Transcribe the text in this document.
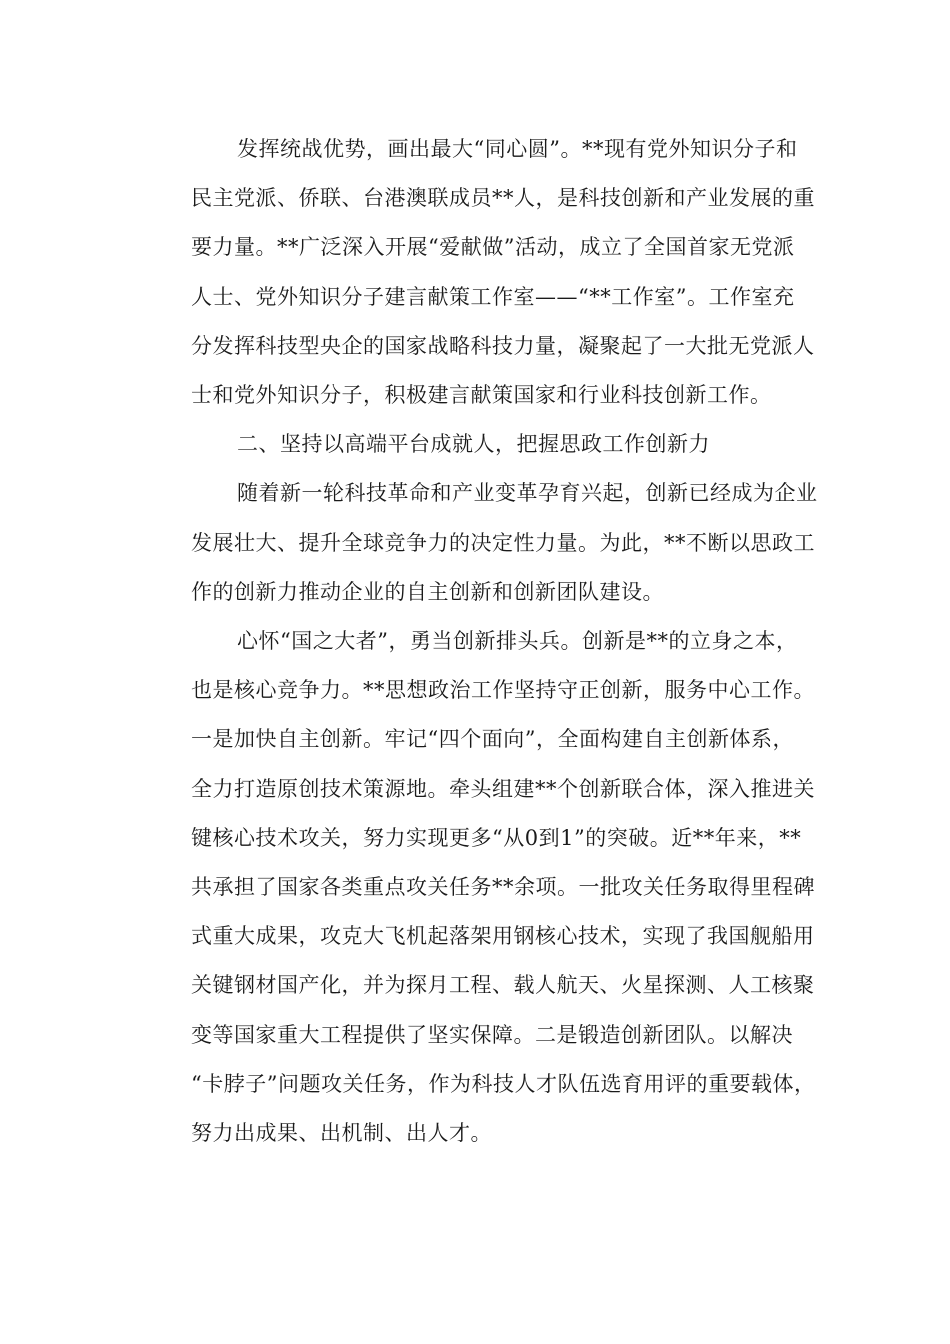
发挥统战优势，画出最大“同心圆”。**现有党外知识分子和
民主党派、侨联、台港澳联成员**人，是科技创新和产业发展的重
要力量。**广泛深入开展“爱献做”活动，成立了全国首家无党派
人士、党外知识分子建言献策工作室——“**工作室”。工作室充
分发挥科技型央企的国家战略科技力量，凝聚起了一大批无党派人
士和党外知识分子，积极建言献策国家和行业科技创新工作。

二、坚持以高端平台成就人，把握思政工作创新力

随着新一轮科技革命和产业变革孕育兴起，创新已经成为企业
发展壮大、提升全球竞争力的决定性力量。为此，**不断以思政工
作的创新力推动企业的自主创新和创新团队建设。

心怀“国之大者”，勇当创新排头兵。创新是**的立身之本，
也是核心竞争力。**思想政治工作坚持守正创新，服务中心工作。
一是加快自主创新。牢记“四个面向”，全面构建自主创新体系，
全力打造原创技术策源地。牵头组建**个创新联合体，深入推进关
键核心技术攻关，努力实现更多“从0到1”的突破。近**年来，**
共承担了国家各类重点攻关任务**余项。一批攻关任务取得里程碑
式重大成果，攻克大飞机起落架用钢核心技术，实现了我国舰船用
关键钢材国产化，并为探月工程、载人航天、火星探测、人工核聚
变等国家重大工程提供了坚实保障。二是锻造创新团队。以解决
“卡脖子”问题攻关任务，作为科技人才队伍选育用评的重要载体，
努力出成果、出机制、出人才。
